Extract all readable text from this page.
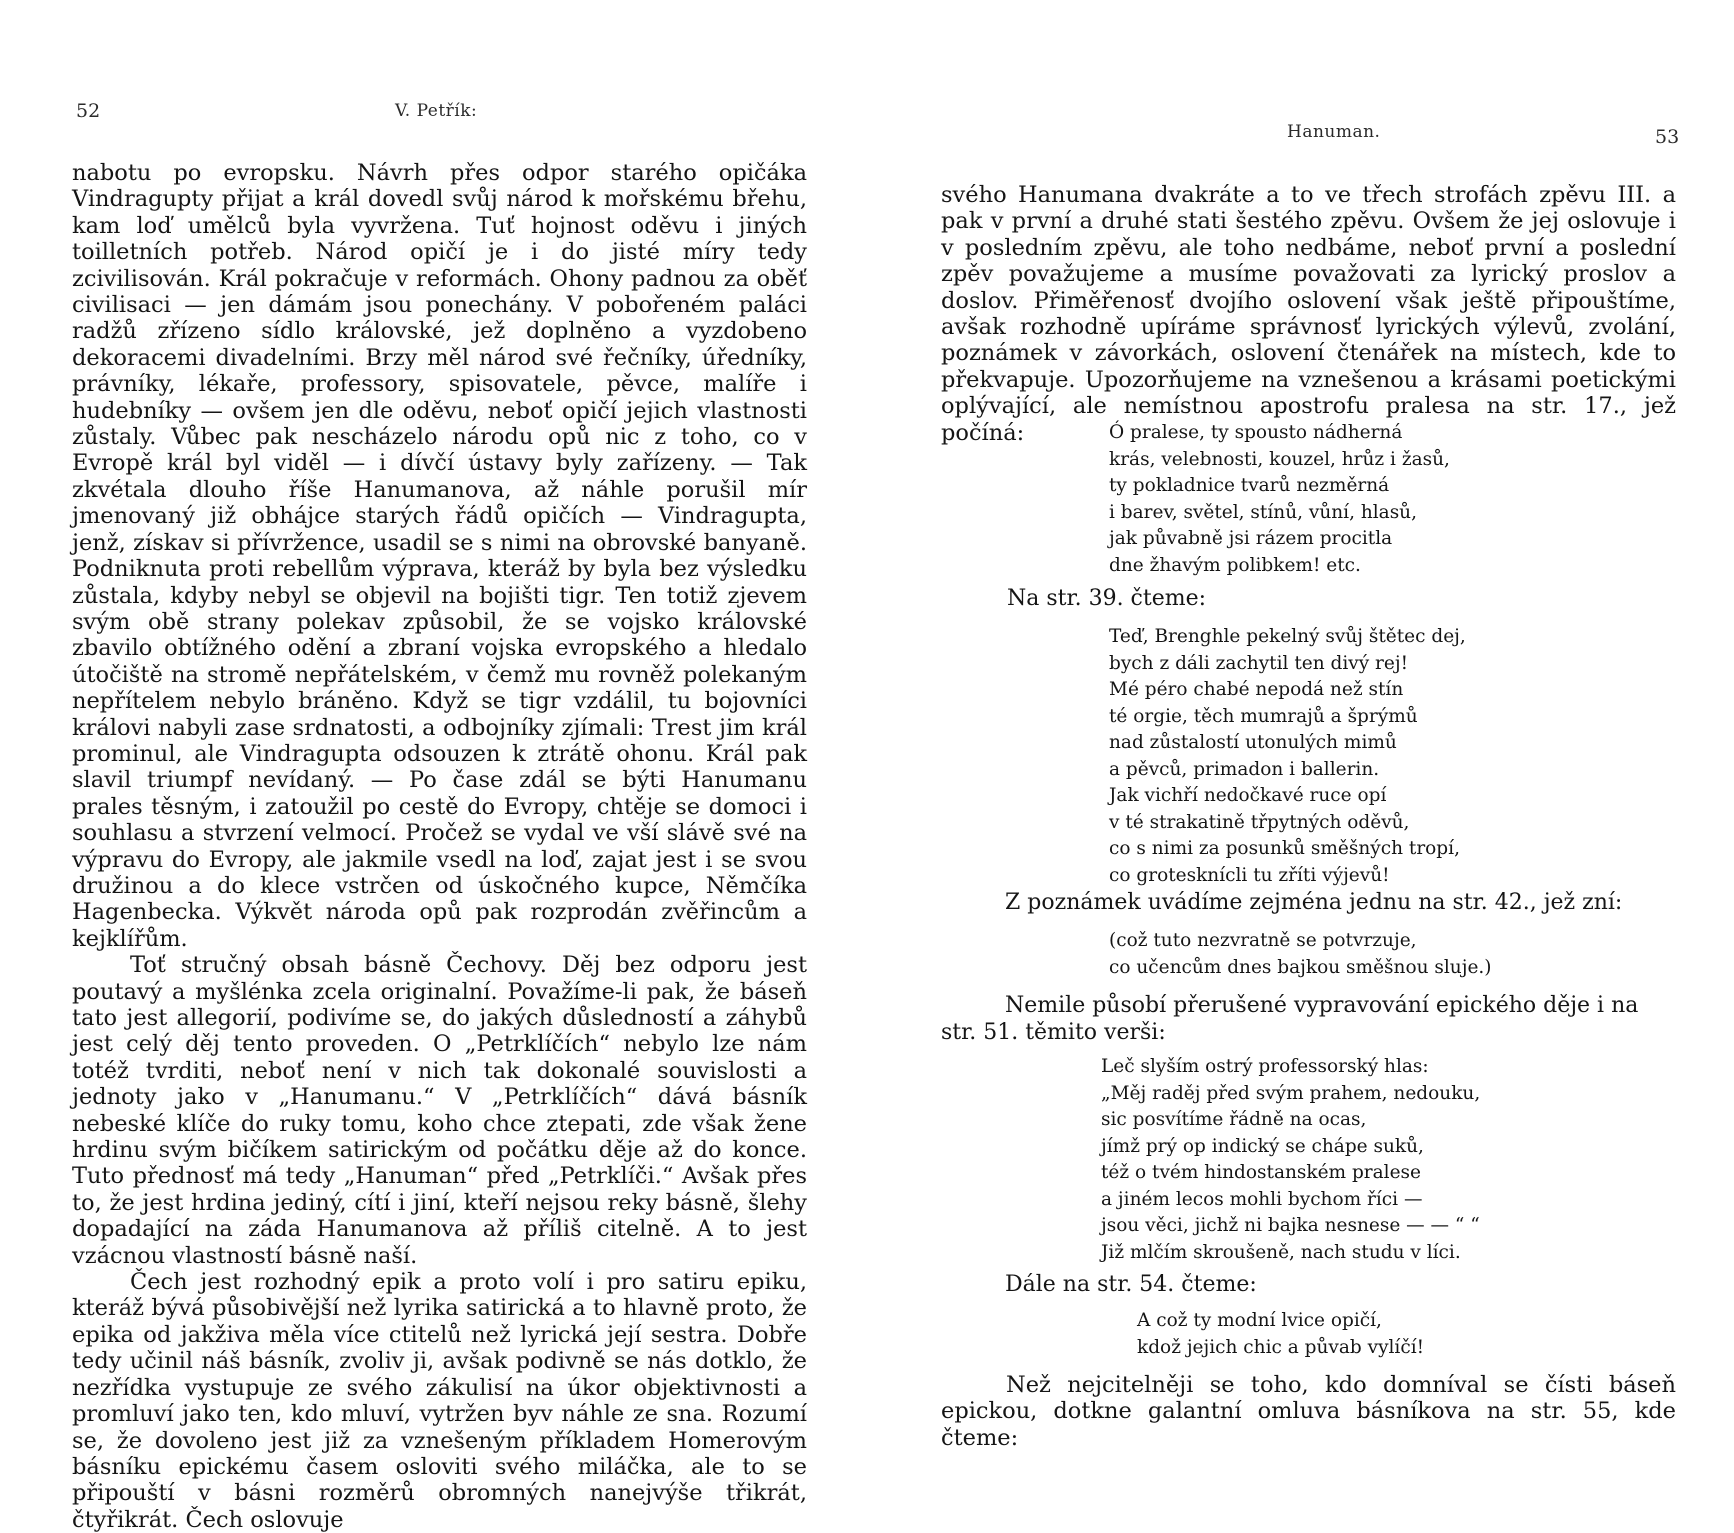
52	V. Petřík:

nabotu po evropsku. Návrh přes odpor starého opičáka Vindragupty přijat a král dovedl svůj národ k mořskému břehu, kam loď umělců byla vyvržena. Tuť hojnost oděvu i jiných toilletních potřeb. Národ opičí je i do jisté míry tedy zcivilisován. Král pokračuje v reformách. Ohony padnou za oběť civilisaci — jen dámám jsou ponechány. V pobořeném paláci radžů zřízeno sídlo královské, jež doplněno a vyzdobeno dekoracemi divadelními. Brzy měl národ své řečníky, úředníky, právníky, lékaře, professory, spisovatele, pěvce, malíře i hudebníky — ovšem jen dle oděvu, neboť opičí jejich vlastnosti zůstaly. Vůbec pak nescházelo národu opů nic z toho, co v Evropě král byl viděl — i dívčí ústavy byly zařízeny. — Tak zkvétala dlouho říše Hanumanova, až náhle porušil mír jmenovaný již obhájce starých řádů opičích — Vindragupta, jenž, získav si přívržence, usadil se s nimi na obrovské banyaně. Podniknuta proti rebellům výprava, kteráž by byla bez výsledku zůstala, kdyby nebyl se objevil na bojišti tigr. Ten totiž zjevem svým obě strany polekav způsobil, že se vojsko královské zbavilo obtížného odění a zbraní vojska evropského a hledalo útočiště na stromě nepřátelském, v čemž mu rovněž polekaným nepřítelem nebylo bráněno. Když se tigr vzdálil, tu bojovníci královi nabyli zase srdnatosti, a odbojníky zjímali: Trest jim král prominul, ale Vindragupta odsouzen k ztrátě ohonu. Král pak slavil triumpf nevídaný. — Po čase zdál se býti Hanumanu prales těsným, i zatoužil po cestě do Evropy, chtěje se domoci i souhlasu a stvrzení velmocí. Pročež se vydal ve vší slávě své na výpravu do Evropy, ale jakmile vsedl na loď, zajat jest i se svou družinou a do klece vstrčen od úskočného kupce, Němčíka Hagenbecka. Výkvět národa opů pak rozprodán zvěřincům a kejklířům.

Toť stručný obsah básně Čechovy. Děj bez odporu jest poutavý a myšlénka zcela originalní. Považíme-li pak, že báseň tato jest allegorií, podivíme se, do jakých důsledností a záhybů jest celý děj tento proveden. O „Petrklíčích“ nebylo lze nám totéž tvrditi, neboť není v nich tak dokonalé souvislosti a jednoty jako v „Hanumanu.“ V „Petrklíčích“ dává básník nebeské klíče do ruky tomu, koho chce ztepati, zde však žene hrdinu svým bičíkem satirickým od počátku děje až do konce. Tuto přednosť má tedy „Hanuman“ před „Petrklíči.“ Avšak přes to, že jest hrdina jediný, cítí i jiní, kteří nejsou reky básně, šlehy dopadající na záda Hanumanova až příliš citelně. A to jest vzácnou vlastností básně naší.

Čech jest rozhodný epik a proto volí i pro satiru epiku, kteráž bývá působivější než lyrika satirická a to hlavně proto, že epika od jakživa měla více ctitelů než lyrická její sestra. Dobře tedy učinil náš básník, zvoliv ji, avšak podivně se nás dotklo, že nezřídka vystupuje ze svého zákulisí na úkor objektivnosti a promluví jako ten, kdo mluví, vytržen byv náhle ze sna. Rozumí se, že dovoleno jest již za vznešeným příkladem Homerovým básníku epickému časem osloviti svého miláčka, ale to se připouští v básni rozměrů obromných nanejvýše třikrát, čtyřikrát. Čech oslovuje

Hanuman.	53

svého Hanumana dvakráte a to ve třech strofách zpěvu III. a pak v první a druhé stati šestého zpěvu. Ovšem že jej oslovuje i v posledním zpěvu, ale toho nedbáme, neboť první a poslední zpěv považujeme a musíme považovati za lyrický proslov a doslov. Přiměřenosť dvojího oslovení však ještě připouštíme, avšak rozhodně upíráme správnosť lyrických výlevů, zvolání, poznámek v závorkách, oslovení čtenářek na místech, kde to překvapuje. Upozorňujeme na vznešenou a krásami poetickými oplývající, ale nemístnou apostrofu pralesa na str. 17., jež počíná:	Ó pralese, ty spousto nádherná
krás, velebnosti, kouzel, hrůz i žasů,
ty pokladnice tvarů nezměrná
i barev, světel, stínů, vůní, hlasů,
jak půvabně jsi rázem procitla
dne žhavým polibkem! etc.
Na str. 39. čteme:
Teď, Brenghle pekelný svůj štětec dej,
bych z dáli zachytil ten divý rej!
Mé péro chabé nepodá než stín
té orgie, těch mumrajů a šprýmů
nad zůstalostí utonulých mimů
a pěvců, primadon i ballerin.
Jak vichří nedočkavé ruce opí
v té strakatině třpytných oděvů,
co s nimi za posunků směšných tropí,
co grotesknícli tu zříti výjevů!
Z poznámek uvádíme zejména jednu na str. 42., jež zní:
(což tuto nezvratně se potvrzuje,
co učencům dnes bajkou směšnou sluje.)
Nemile působí přerušené vypravování epického děje i na
str. 51. těmito verši:
Leč slyším ostrý professorský hlas:
„Měj raděj před svým prahem, nedouku,
sic posvítíme řádně na ocas,
jímž prý op indický se chápe suků,
též o tvém hindostanském pralese
a jiném lecos mohli bychom říci —
jsou věci, jichž ni bajka nesnese — — “ “
Již mlčím skroušeně, nach studu v líci.
Dále na str. 54. čteme:
A což ty modní lvice opičí,
kdož jejich chic a půvab vylíčí!

Než nejcitelněji se toho, kdo domníval se čísti báseň epickou, dotkne galantní omluva básníkova na str. 55, kde čteme:
